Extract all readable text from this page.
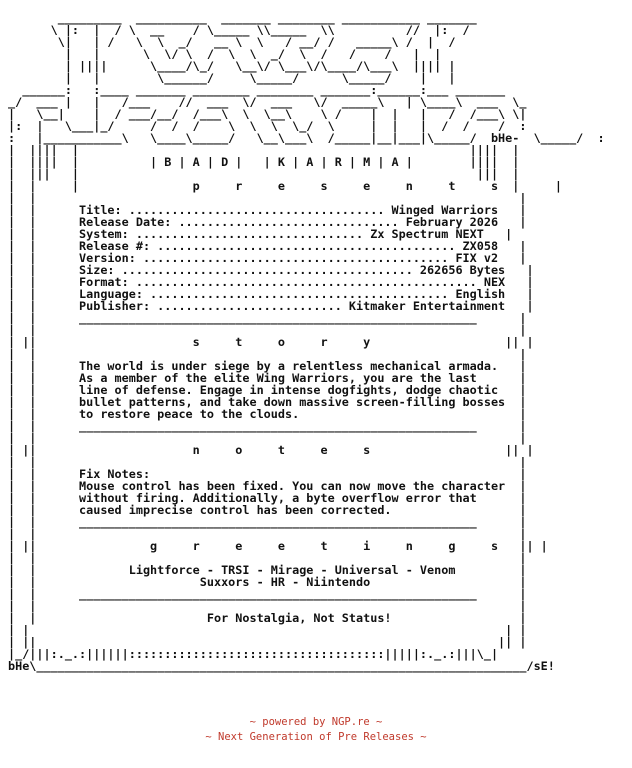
_________  __________  _______ ________ ___________ _______
\ |:  |  / \  __    / \_____ \\_____  \\          //  |:  /
\|   | /   \  \  _/   __ \  \   / __/ /   _____\ /  |  /
|   |      \  \/ \  /  \  \  _/  \  /   /    /   |  |
| ||||      \____/\_/   \__\/ \___\/\____/\___\  |||| |
|   |        \______/     \_____/      \_____/    |   |
______:   :____ _______ ________ ________ _______:______:___ _______
_/  ___ |   |   /___    //  ___  \/  ___   \/  _____\   | \____\  ___  \_
|   \__|    |  / ___/__/  /___\  \  \__\    \ /    |  |   |   /  /___\ \|
|:  |   \___|_/     /  /  /    \  \  \  \_/  \     |  |   |  /  /    /  :
:   |___________\   \____\_____/   \__\___\  /_____|__|___|\_____/  bHe-  \_____/  :
|  ||||  |                                                       ||||  |
|  ||||  |          | B | A | D |   | K | A | R | M | A |        ||||  |
|  |||   |                                                        |||  |
|  |     |                p     r     e     s     e     n     t     s  |     |
|  |                                                                    |
|  |      Title: .................................... Winged Warriors   |
|  |      Release Date: ............................... February 2026   |
|  |      System: ................................ Zx Spectrum NEXT   |
|  |      Release #: .......................................... ZX058   |
|  |      Version: ........................................... FIX v2   |
|  |      Size: ......................................... 262656 Bytes   |
|  |      Format: ................................................ NEX   |
|  |      Language: .......................................... English   |
|  |      Publisher: .......................... Kitmaker Entertainment   |
|  |      ________________________________________________________      |
|  |                                                                    |
| ||                      s     t     o     r     y                   || |
|  |                                                                    |
|  |      The world is under siege by a relentless mechanical armada.   |
|  |      As a member of the elite Wing Warriors, you are the last      |
|  |      line of defense. Engage in intense dogfights, dodge chaotic   |
|  |      bullet patterns, and take down massive screen-filling bosses  |
|  |      to restore peace to the clouds.                               |
|  |      ________________________________________________________      |
|  |                                                                    |
| ||                      n     o     t     e     s                   || |
|  |                                                                    |
|  |      Fix Notes:                                                    |
|  |      Mouse control has been fixed. You can now move the character  |
|  |      without firing. Additionally, a byte overflow error that      |
|  |      caused imprecise control has been corrected.                  |
|  |      ________________________________________________________      |
|  |                                                                    |
| ||                g     r     e     e     t     i     n     g     s   || |
|  |                                                                    |
|  |             Lightforce - TRSI - Mirage - Universal - Venom         |
|  |                       Suxxors - HR - Niintendo                     |
|  |      ________________________________________________________      |
|  |                                                                    |
|  |                        For Nostalgia, Not Status!                  |
| |                                                                   | |
| ||                                                                 || |
|_/|||:._.:||||||::::::::::::::::::::::::::::::::::::|||||:._.:|||\_|
bHe\_____________________________________________________________________/sE!
~ powered by NGP.re ~
~ Next Generation of Pre Releases ~
